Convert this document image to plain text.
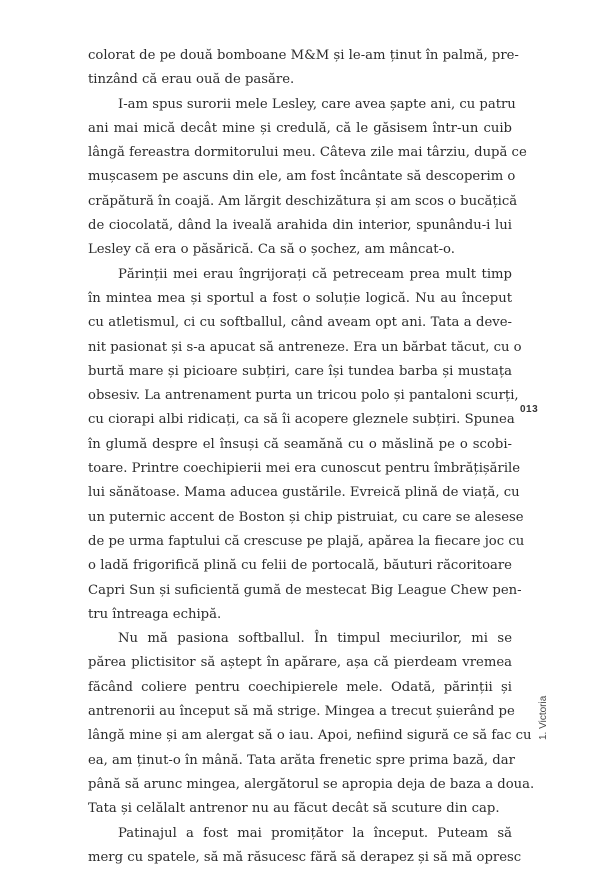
colorat de pe două bomboane M&M și le-am ținut în palmă, pre-
tinzând că erau ouă de pasăre.

I-am spus surorii mele Lesley, care avea șapte ani, cu patru
ani mai mică decât mine și credulă, că le găsisem într-un cuib
lângă fereastra dormitorului meu. Câteva zile mai târziu, după ce
mușcasem pe ascuns din ele, am fost încântate să descoperim o
crăpătură în coajă. Am lărgit deschizătura și am scos o bucățică
de ciocolată, dând la iveală arahida din interior, spunându-i lui
Lesley că era o păsărică. Ca să o șochez, am mâncat-o.

Părinții mei erau îngrijorați că petreceam prea mult timp
în mintea mea și sportul a fost o soluție logică. Nu au început
cu atletismul, ci cu softballul, când aveam opt ani. Tata a deve-
nit pasionat și s-a apucat să antreneze. Era un bărbat tăcut, cu o
burtă mare și picioare subțiri, care își tundea barba și mustața
obsesiv. La antrenament purta un tricou polo și pantaloni scurți,
cu ciorapi albi ridicați, ca să îi acopere gleznele subțiri. Spunea
în glumă despre el însuși că seamănă cu o măslină pe o scobi-
toare. Printre coechipierii mei era cunoscut pentru îmbrățișările
lui sănătoase. Mama aducea gustările. Evreică plină de viață, cu
un puternic accent de Boston și chip pistruiat, cu care se alesese
de pe urma faptului că crescuse pe plajă, apărea la fiecare joc cu
o ladă frigorifică plină cu felii de portocală, băuturi răcoritoare
Capri Sun și suficientă gumă de mestecat Big League Chew pen-
tru întreaga echipă.

Nu mă pasiona softballul. În timpul meciurilor, mi se
părea plictisitor să aștept în apărare, așa că pierdeam vremea
făcând coliere pentru coechipierele mele. Odată, părinții și
antrenorii au început să mă strige. Mingea a trecut șuierând pe
lângă mine și am alergat să o iau. Apoi, nefiind sigură ce să fac cu
ea, am ținut-o în mână. Tata arăta frenetic spre prima bază, dar
până să arunc mingea, alergătorul se apropia deja de baza a doua.
Tata și celălalt antrenor nu au făcut decât să scuture din cap.

Patinajul a fost mai promițător la început. Puteam să
merg cu spatele, să mă răsucesc fără să derapez și să mă opresc

013
1. Victoria
